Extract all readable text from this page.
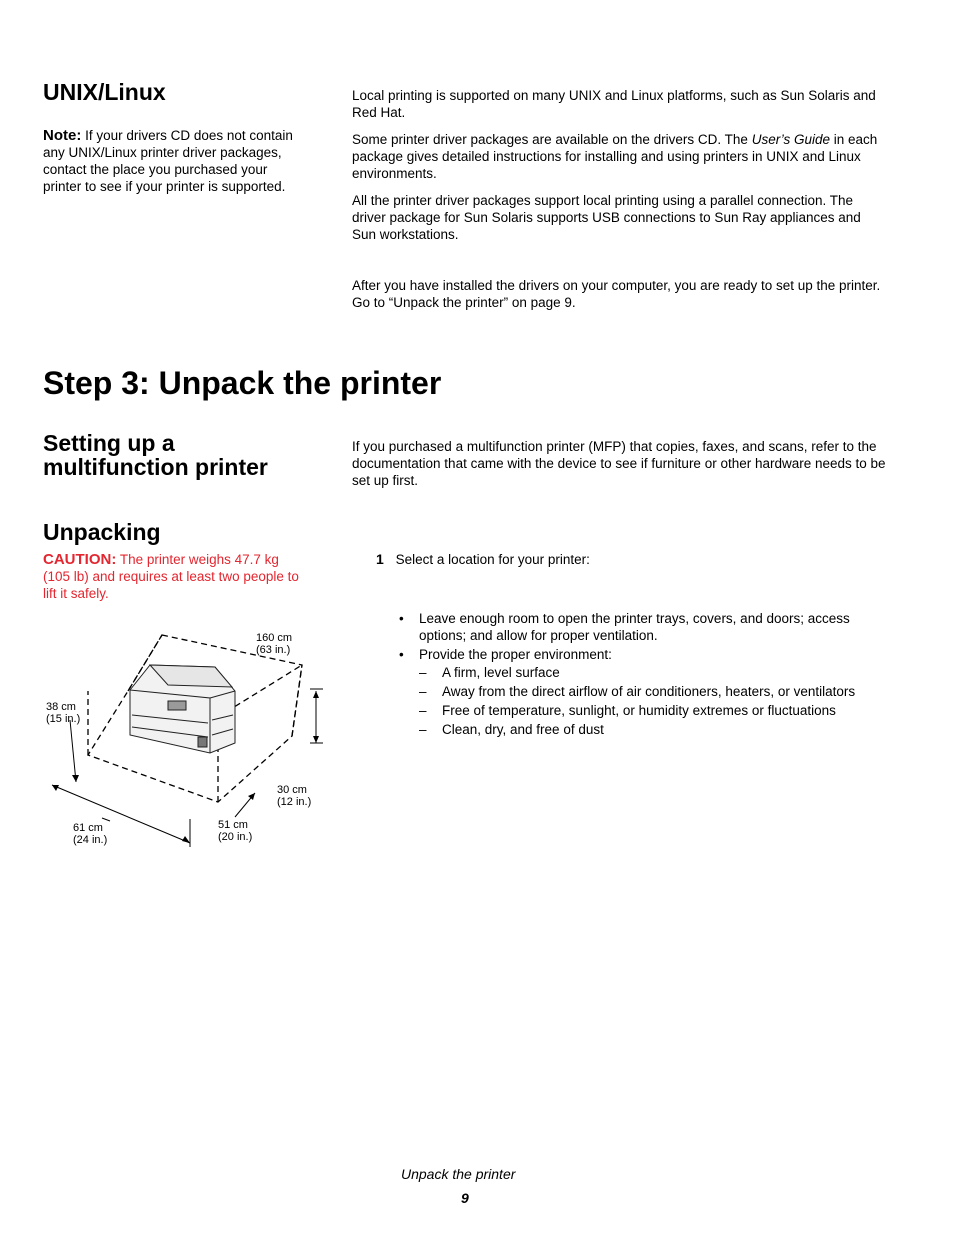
UNIX/Linux
Note: If your drivers CD does not contain any UNIX/Linux printer driver packages, contact the place you purchased your printer to see if your printer is supported.

Local printing is supported on many UNIX and Linux platforms, such as Sun Solaris and Red Hat.

Some printer driver packages are available on the drivers CD. The User’s Guide in each package gives detailed instructions for installing and using printers in UNIX and Linux environments.

All the printer driver packages support local printing using a parallel connection. The driver package for Sun Solaris supports USB connections to Sun Ray appliances and Sun workstations.

After you have installed the drivers on your computer, you are ready to set up the printer. Go to “Unpack the printer” on page 9.

Step 3: Unpack the printer
Setting up a multifunction printer

If you purchased a multifunction printer (MFP) that copies, faxes, and scans, refer to the documentation that came with the device to see if furniture or other hardware needs to be set up first.

Unpacking
CAUTION: The printer weighs 47.7 kg (105 lb) and requires at least two people to lift it safely.
1 Select a location for your printer:
• Leave enough room to open the printer trays, covers, and doors; access options; and allow for proper ventilation.
• Provide the proper environment:
– A firm, level surface
– Away from the direct airflow of air conditioners, heaters, or ventilators
– Free of temperature, sunlight, or humidity extremes or fluctuations
– Clean, dry, and free of dust
160 cm
(63 in.)
38 cm
(15 in.)
30 cm
(12 in.)
61 cm
(24 in.)
51 cm
(20 in.)
Unpack the printer
9
